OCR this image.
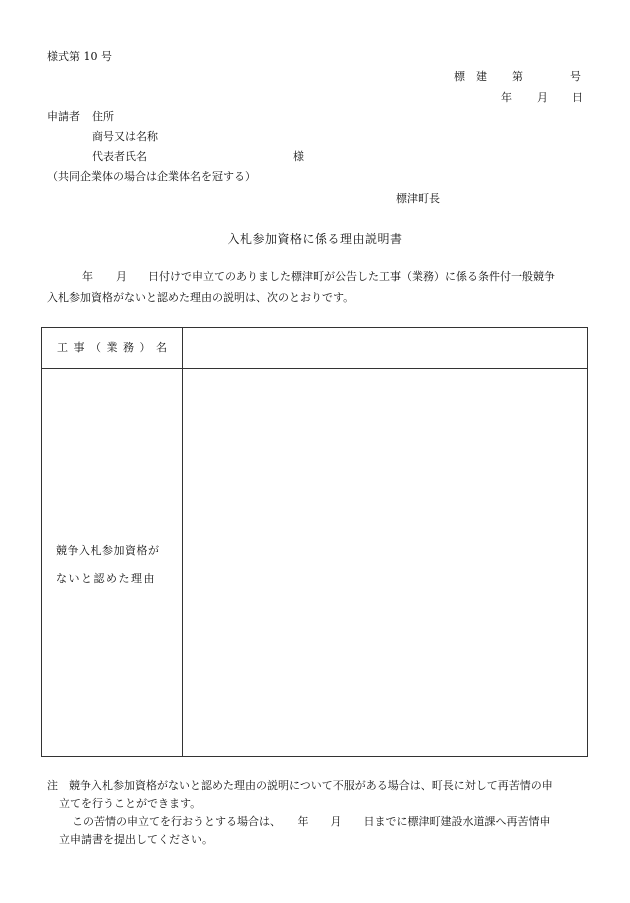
様式第 10 号
標 建 第	号
年 月 日
申請者 住所
商号又は名称
代表者氏名	様
（共同企業体の場合は企業体名を冠する）
標津町長
入札参加資格に係る理由説明書
年 月 日付けで申立てのありました標津町が公告した工事（業務）に係る条件付一般競争
入札参加資格がないと認めた理由の説明は、次のとおりです。
工 事 （ 業 務 ） 名
競争入札参加資格が
ないと認めた理由
注　競争入札参加資格がないと認めた理由の説明について不服がある場合は、町長に対して再苦情の申
立てを行うことができます。
この苦情の申立てを行おうとする場合は、　　年　　月　　日までに標津町建設水道課へ再苦情申
立申請書を提出してください。
